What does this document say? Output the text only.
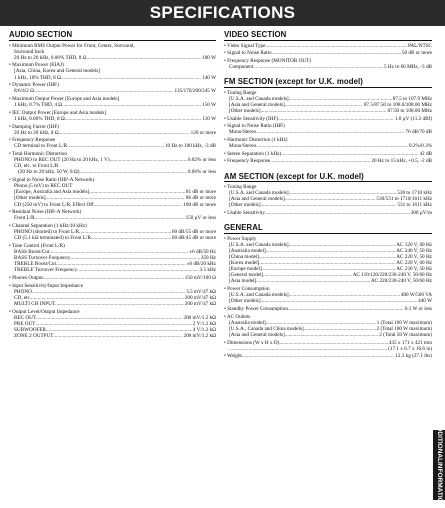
SPECIFICATIONS
AUDIO SECTION
• Minimum RMS Output Power for Front, Center, Surround,
Surround back
20 Hz to 20 kHz, 0.06% THD, 8 Ω .....	100 W
• Maximum Power (EIAJ)
[Asia, China, Korea and General models]
1 kHz, 10% THD, 8 Ω .....	140 W
• Dynamic Power (IHF)
8/6/4/2 Ω .....	135/170/200/245 W
• Maximum Output Power [Europe and Asia models]
1 kHz, 0.7% THD, 4 Ω .....	150 W
• IEC Output Power [Europe and Asia models]
1 kHz, 0.06% THD, 8 Ω .....	110 W
• Damping Factor (IHF)
20 Hz to 20 kHz, 8 Ω .....	120 or more
• Frequency Response
CD terminal to Front L/R .....	10 Hz to 100 kHz, -3 dB
• Total Harmonic Distortion
PHONO to REC OUT (20 Hz to 20 kHz, 1 V) .....	0.02% or less
CD, etc. to Front L/R
(20 Hz to 20 kHz, 50 W, 8 Ω) .....	0.06% or less
• Signal to Noise Ratio (IHF-A Network)
Phono (5 mV) to REC OUT
[Europe, Australia and Asia models] .....	81 dB or more
[Other models] .....	86 dB or more
CD (250 mV) to Front L/R, Effect Off .....	100 dB or more
• Residual Noise (IHF-A Network)
Front L/R .....	150 µV or less
• Channel Separation (1 kHz/10 kHz)
PHONO (shorted) to Front L/R .....	60 dB/55 dB or more
CD (5.1 kΩ terminated) to Front L/R .....	60 dB/45 dB or more
• Tone Control (Front L/R)
BASS Boost/Cut .....	±6 dB/50 Hz
BASS Turnover Frequency .....	350 Hz
TREBLE Boost/Cut .....	±6 dB/20 kHz
TREBLE Turnover Frequency .....	3.5 kHz
• Phones Output .....	150 mV/100 Ω
• Input Sensitivity/Input Impedance
PHONO .....	3.5 mV/47 kΩ
CD, etc. .....	200 mV/47 kΩ
MULTI CH INPUT .....	200 mV/47 kΩ
• Output Level/Output Impedance
REC OUT .....	200 mV/1.2 kΩ
PRE OUT .....	2 V/1.2 kΩ
SUBWOOFER .....	4 V/1.2 kΩ
ZONE 2 OUTPUT .....	200 mV/1.2 kΩ
VIDEO SECTION
• Video Signal Type .....	PAL/NTSC
• Signal to Noise Ratio .....	50 dB or more
• Frequency Response (MONITOR OUT)
Component .....	5 Hz to 60 MHz, -3 dB
FM SECTION (except for U.K. model)
• Tuning Range
[U.S.A. and Canada models] .....	87.5 to 107.9 MHz
[Asia and General models] .....	87.5/87.50 to 108.0/108.00 MHz
[Other models] .....	87.50 to 108.00 MHz
• Usable Sensitivity (IHF) .....	1.0 µV (11.2 dBf)
• Signal to Noise Ratio (IHF)
Mono/Stereo .....	76 dB/70 dB
• Harmonic Distortion (1 kHz)
Mono/Stereo .....	0.2%/0.3%
• Stereo Separation (1 kHz) .....	42 dB
• Frequency Response .....	20 Hz to 15 kHz, +0.5, -2 dB
AM SECTION (except for U.K. model)
• Tuning Range
[U.S.A. and Canada models] .....	530 to 1710 kHz
[Asia and General models] .....	530/531 to 1710/1611 kHz
[Other models] .....	531 to 1611 kHz
• Usable Sensitivity .....	300 µV/m
GENERAL
• Power Supply
[U.S.A. and Canada models] .....	AC 120 V, 60 Hz
[Australia model] .....	AC 240 V, 50 Hz
[China model] .....	AC 220 V, 50 Hz
[Korea model] .....	AC 220 V, 60 Hz
[Europe model] .....	AC 230 V, 50 Hz
[General model] .....	AC 110/120/220/230-240 V, 50/60 Hz
[Asia model] .....	AC 220/230-240 V, 50/60 Hz
• Power Consumption
[U.S.A. and Canada models] .....	400 W/500 VA
[Other models] .....	440 W
• Standby Power Consumption .....	0.1 W or less
• AC Outlets
[Australia model] .....	1 (Total 100 W maximum)
[U.S.A., Canada and China models] .....	2 (Total 100 W maximum)
[Asia and General models] .....	2 (Total 50 W maximum)
• Dimensions (W x H x D) .....	435 x 171 x 421 mm
.....
(17.1 x 6.7 x 16.6 in)
• Weight .....	12.3 kg (27.1 lbs)
ADDITIONAL
INFORMATION
